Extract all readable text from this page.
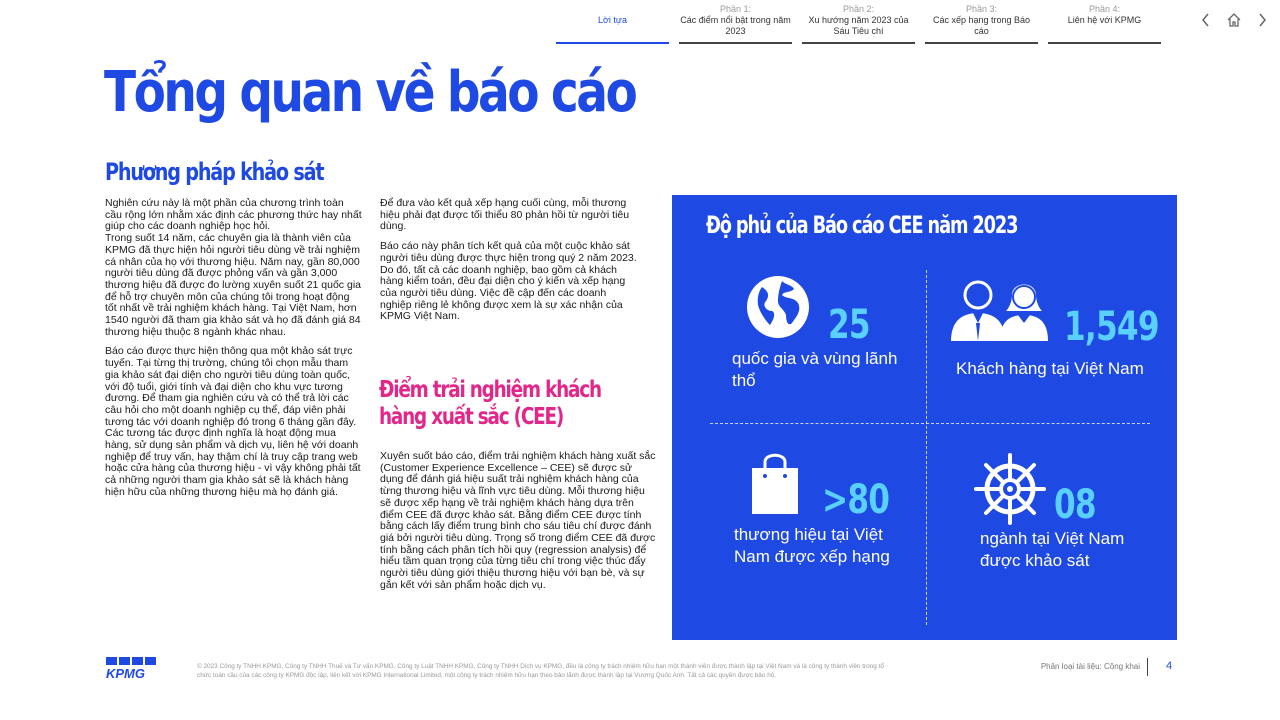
Lời tựa
Phần 1:
Các điểm nổi bật trong năm 2023
Phần 2:
Xu hướng năm 2023 của Sáu Tiêu chí
Phần 3:
Các xếp hạng trong Báo cáo
Phần 4:
Liên hệ với KPMG
Tổng quan về báo cáo
Phương pháp khảo sát

Nghiên cứu này là một phần của chương trình toàn cầu rộng lớn nhằm xác định các phương thức hay nhất giúp cho các doanh nghiệp học hỏi.

Trong suốt 14 năm, các chuyên gia là thành viên của KPMG đã thực hiện hỏi người tiêu dùng về trải nghiệm cá nhân của họ với thương hiệu. Năm nay, gần 80,000 người tiêu dùng đã được phỏng vấn và gần 3,000 thương hiệu đã được đo lường xuyên suốt 21 quốc gia để hỗ trợ chuyên môn của chúng tôi trong hoạt động tốt nhất về trải nghiệm khách hàng. Tại Việt Nam, hơn 1540 người đã tham gia khảo sát và họ đã đánh giá 84 thương hiệu thuộc 8 ngành khác nhau.

Báo cáo được thực hiện thông qua một khảo sát trực tuyến. Tại từng thị trường, chúng tôi chọn mẫu tham gia khảo sát đại diện cho người tiêu dùng toàn quốc, với độ tuổi, giới tính và đại diện cho khu vực tương đương. Để tham gia nghiên cứu và có thể trả lời các câu hỏi cho một doanh nghiệp cụ thể, đáp viên phải tương tác với doanh nghiệp đó trong 6 tháng gần đây. Các tương tác được định nghĩa là hoạt động mua hàng, sử dụng sản phẩm và dịch vụ, liên hệ với doanh nghiệp để truy vấn, hay thậm chí là truy cập trang web hoặc cửa hàng của thương hiệu - vì vậy không phải tất cả những người tham gia khảo sát sẽ là khách hàng hiện hữu của những thương hiệu mà họ đánh giá.

Để đưa vào kết quả xếp hạng cuối cùng, mỗi thương hiệu phải đạt được tối thiểu 80 phản hồi từ người tiêu dùng.

Báo cáo này phân tích kết quả của một cuộc khảo sát người tiêu dùng được thực hiện trong quý 2 năm 2023. Do đó, tất cả các doanh nghiệp, bao gồm cả khách hàng kiểm toán, đều đại diện cho ý kiến và xếp hạng của người tiêu dùng. Việc đề cập đến các doanh nghiệp riêng lẻ không được xem là sự xác nhận của KPMG Việt Nam.

Điểm trải nghiệm khách hàng xuất sắc (CEE)

Xuyên suốt báo cáo, điểm trải nghiệm khách hàng xuất sắc (Customer Experience Excellence – CEE) sẽ được sử dụng để đánh giá hiệu suất trải nghiệm khách hàng của từng thương hiệu và lĩnh vực tiêu dùng. Mỗi thương hiệu sẽ được xếp hạng về trải nghiệm khách hàng dựa trên điểm CEE đã được khảo sát. Bằng điểm CEE được tính bằng cách lấy điểm trung bình cho sáu tiêu chí được đánh giá bởi người tiêu dùng. Trọng số trong điểm CEE đã được tính bằng cách phân tích hồi quy (regression analysis) để hiểu tầm quan trọng của từng tiêu chí trong việc thúc đẩy người tiêu dùng giới thiệu thương hiệu với bạn bè, và sự gắn kết với sản phẩm hoặc dịch vụ.

Độ phủ của Báo cáo CEE năm 2023
25

quốc gia và vùng lãnh thổ

1,549

Khách hàng tại Việt Nam

>80

thương hiệu tại Việt Nam được xếp hạng

08

ngành tại Việt Nam được khảo sát

KPMG	© 2023 Công ty TNHH KPMG, Công ty TNHH Thuế và Tư vấn KPMG, Công ty Luật TNHH KPMG, Công ty TNHH Dịch vụ KPMG, đều là công ty trách nhiệm hữu hạn một thành viên được thành lập tại Việt Nam và là công ty thành viên trong tổ chức toàn cầu của các công ty KPMG độc lập, liên kết với KPMG International Limited, một công ty trách nhiệm hữu hạn theo bảo lãnh được thành lập tại Vương Quốc Anh. Tất cả các quyền được bảo hộ.
Phân loại tài liệu: Công khai 4
